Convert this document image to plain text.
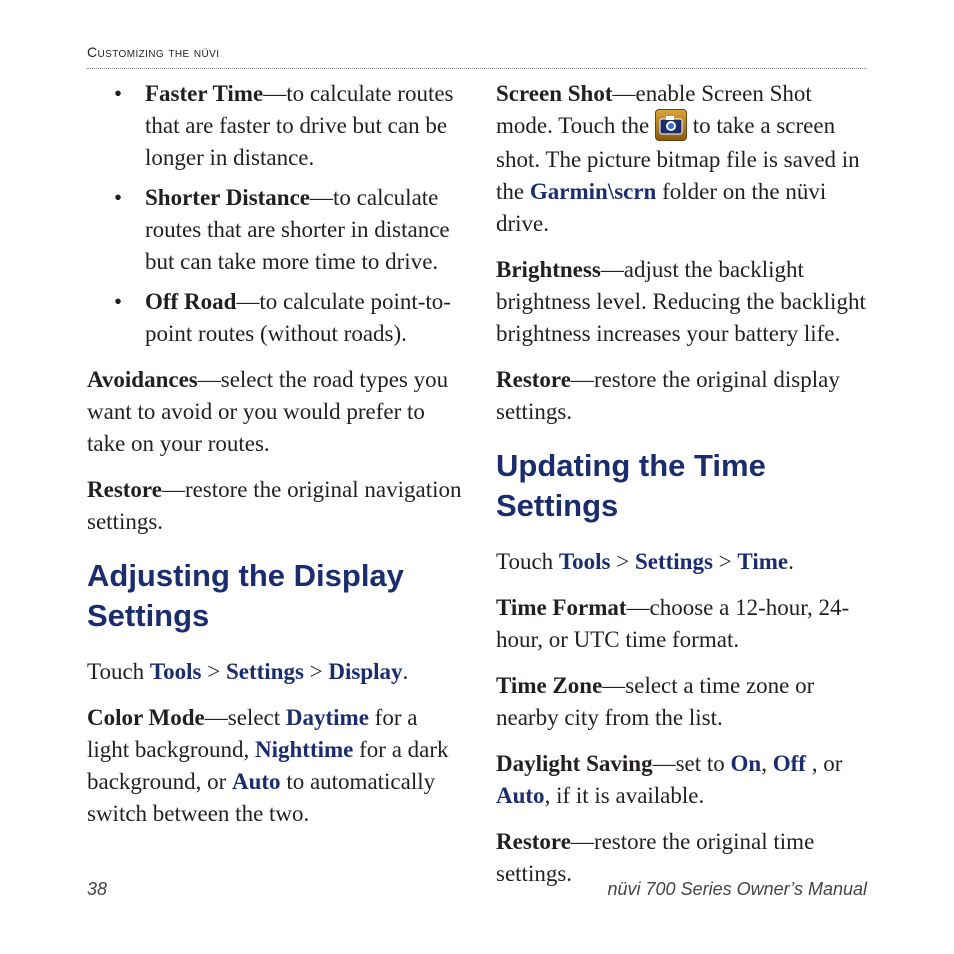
Customizing the nüvi
• Faster Time—to calculate routes that are faster to drive but can be longer in distance.
• Shorter Distance—to calculate routes that are shorter in distance but can take more time to drive.
• Off Road—to calculate point-to-point routes (without roads).

Avoidances—select the road types you want to avoid or you would prefer to take on your routes.

Restore—restore the original navigation settings.

Adjusting the Display Settings

Touch Tools > Settings > Display.

Color Mode—select Daytime for a light background, Nighttime for a dark background, or Auto to automatically switch between the two.

Screen Shot—enable Screen Shot mode. Touch the
to take a screen shot. The picture bitmap file is saved in the Garmin\scrn folder on the nüvi drive.

Brightness—adjust the backlight brightness level. Reducing the backlight brightness increases your battery life.

Restore—restore the original display settings.

Updating the Time Settings

Touch Tools > Settings > Time.

Time Format—choose a 12-hour, 24-hour, or UTC time format.

Time Zone—select a time zone or nearby city from the list.

Daylight Saving—set to On, Off , or Auto, if it is available.

Restore—restore the original time settings.

38	nüvi 700 Series Owner’s Manual
